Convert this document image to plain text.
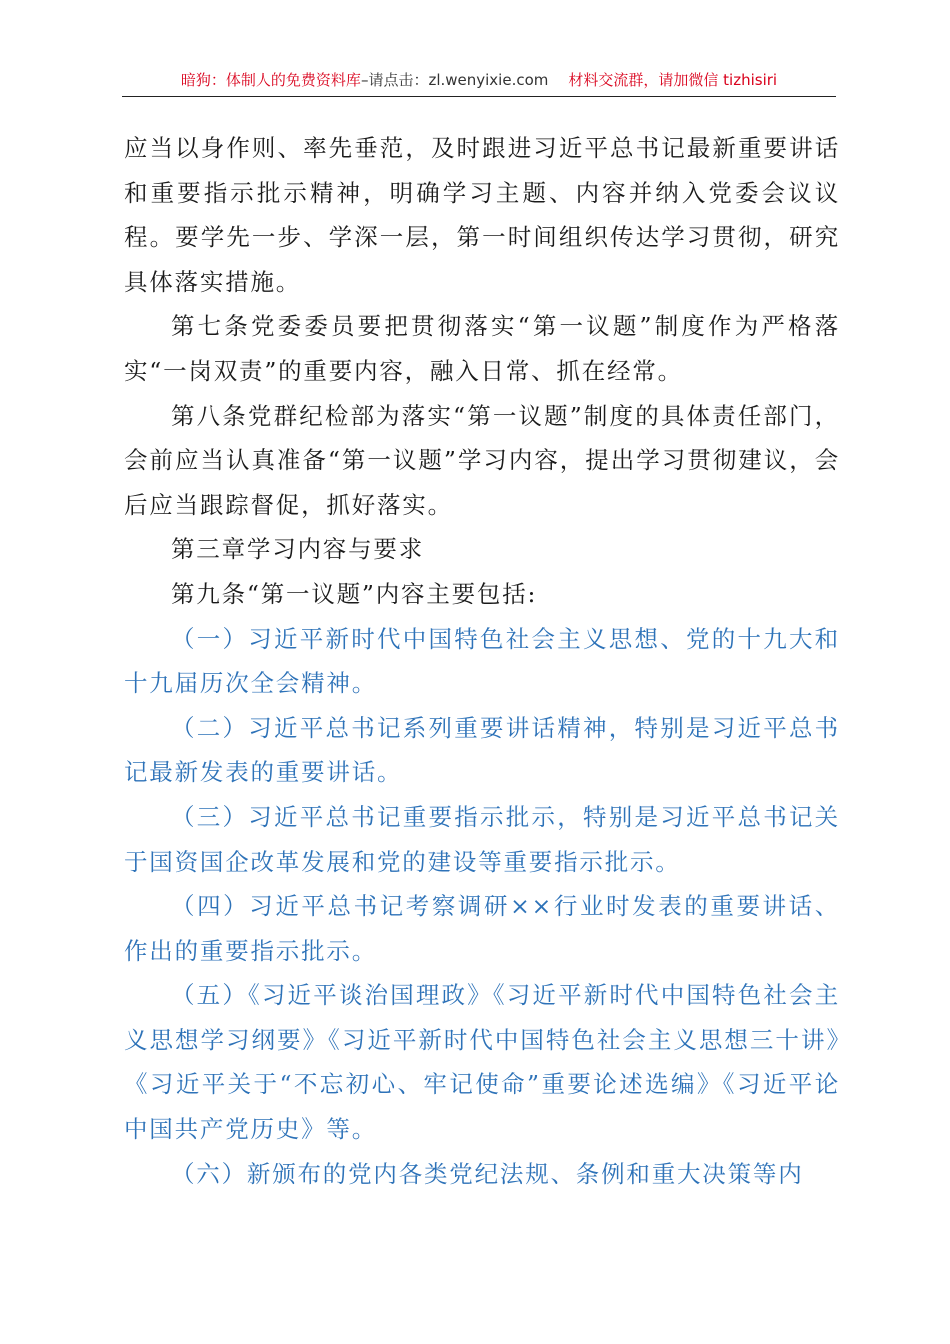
暗狗：体制人的免费资料库–请点击：zl.wenyixie.com 材料交流群，请加微信 tizhisiri

应当以身作则、率先垂范，及时跟进习近平总书记最新重要讲话和重要指示批示精神，明确学习主题、内容并纳入党委会议议程。要学先一步、学深一层，第一时间组织传达学习贯彻，研究具体落实措施。

第七条党委委员要把贯彻落实“第一议题”制度作为严格落实“一岗双责”的重要内容，融入日常、抓在经常。

第八条党群纪检部为落实“第一议题”制度的具体责任部门，会前应当认真准备“第一议题”学习内容，提出学习贯彻建议，会后应当跟踪督促，抓好落实。

第三章学习内容与要求

第九条“第一议题”内容主要包括:

（一）习近平新时代中国特色社会主义思想、党的十九大和十九届历次全会精神。

（二）习近平总书记系列重要讲话精神，特别是习近平总书记最新发表的重要讲话。

（三）习近平总书记重要指示批示，特别是习近平总书记关于国资国企改革发展和党的建设等重要指示批示。

（四）习近平总书记考察调研××行业时发表的重要讲话、作出的重要指示批示。

（五）《习近平谈治国理政》《习近平新时代中国特色社会主义思想学习纲要》《习近平新时代中国特色社会主义思想三十讲》《习近平关于“不忘初心、牢记使命”重要论述选编》《习近平论中国共产党历史》等。

（六）新颁布的党内各类党纪法规、条例和重大决策等内
